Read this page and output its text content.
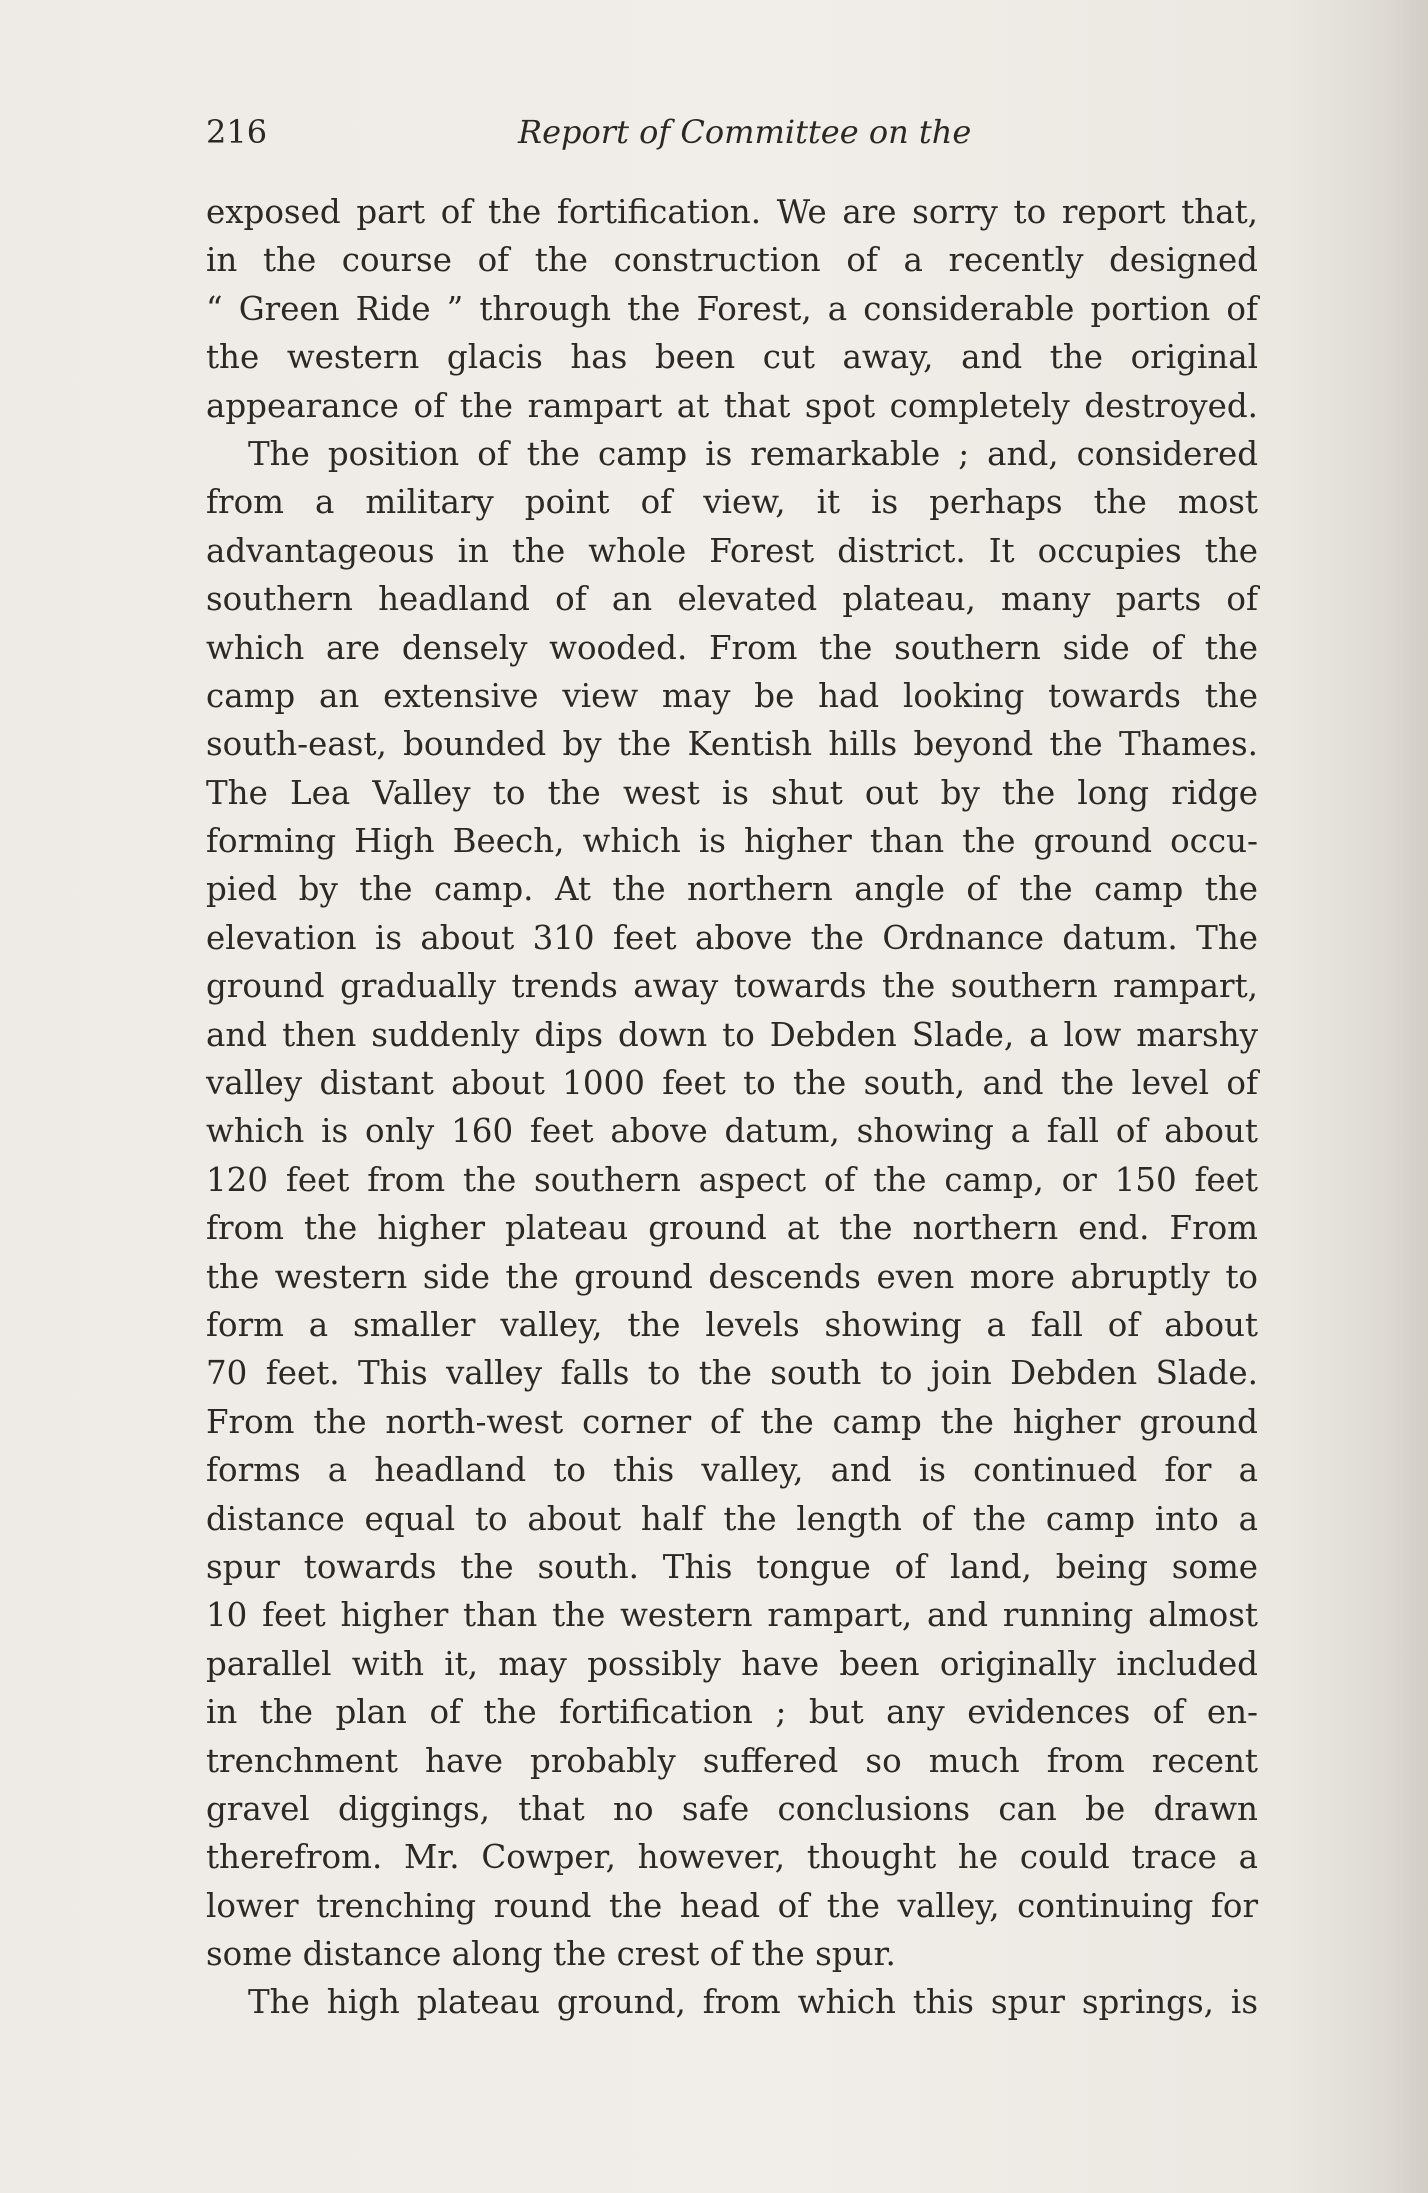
216	Report of Committee on the
exposed part of the fortification. We are sorry to report that,
in the course of the construction of a recently designed
“ Green Ride ” through the Forest, a considerable portion of
the western glacis has been cut away, and the original
appearance of the rampart at that spot completely destroyed.
The position of the camp is remarkable ; and, considered
from a military point of view, it is perhaps the most
advantageous in the whole Forest district. It occupies the
southern headland of an elevated plateau, many parts of
which are densely wooded. From the southern side of the
camp an extensive view may be had looking towards the
south-east, bounded by the Kentish hills beyond the Thames.
The Lea Valley to the west is shut out by the long ridge
forming High Beech, which is higher than the ground occu-
pied by the camp. At the northern angle of the camp the
elevation is about 310 feet above the Ordnance datum. The
ground gradually trends away towards the southern rampart,
and then suddenly dips down to Debden Slade, a low marshy
valley distant about 1000 feet to the south, and the level of
which is only 160 feet above datum, showing a fall of about
120 feet from the southern aspect of the camp, or 150 feet
from the higher plateau ground at the northern end. From
the western side the ground descends even more abruptly to
form a smaller valley, the levels showing a fall of about
70 feet. This valley falls to the south to join Debden Slade.
From the north-west corner of the camp the higher ground
forms a headland to this valley, and is continued for a
distance equal to about half the length of the camp into a
spur towards the south. This tongue of land, being some
10 feet higher than the western rampart, and running almost
parallel with it, may possibly have been originally included
in the plan of the fortification ; but any evidences of en-
trenchment have probably suffered so much from recent
gravel diggings, that no safe conclusions can be drawn
therefrom. Mr. Cowper, however, thought he could trace a
lower trenching round the head of the valley, continuing for
some distance along the crest of the spur.
The high plateau ground, from which this spur springs, is
